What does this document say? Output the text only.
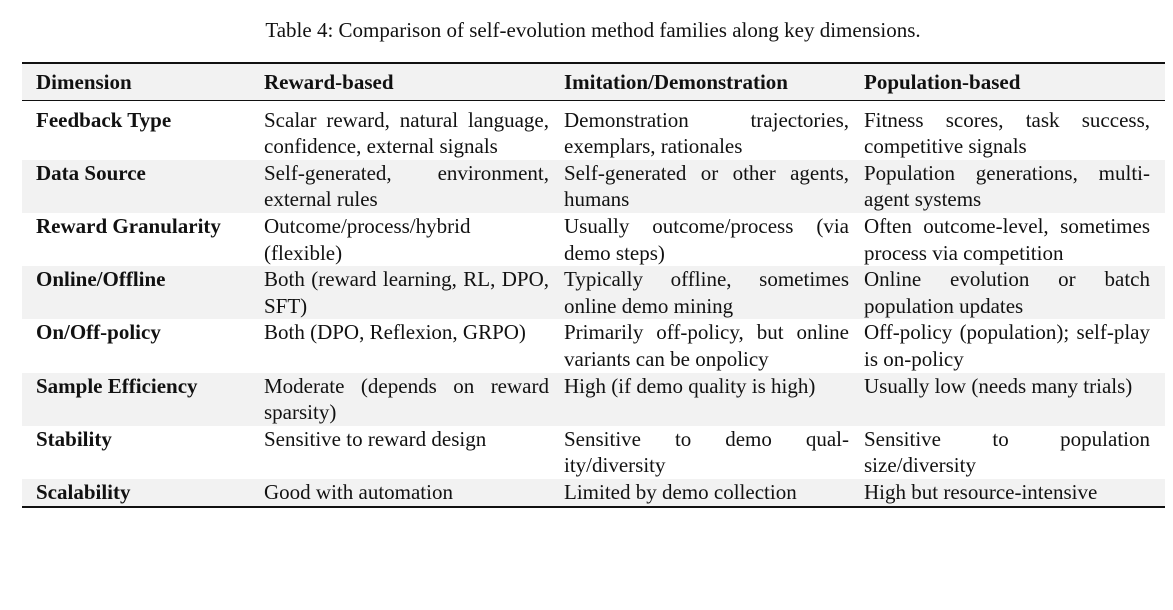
Table 4: Comparison of self-evolution method families along key dimensions.
Dimension	Reward-based	Imitation/Demonstration	Population-based
Feedback Type	Scalar reward, natural language, confidence, external signals	Demonstration trajectories, exemplars, rationales	Fitness scores, task success, competitive signals
Data Source	Self-generated, environment, external rules	Self-generated or other agents, humans	Population generations, multi-agent systems
Reward Granularity	Outcome/process/hybrid (flexible)	Usually outcome/process (via demo steps)	Often outcome-level, sometimes process via competition
Online/Offline	Both (reward learning, RL, DPO, SFT)	Typically offline, sometimes online demo mining	Online evolution or batch population updates
On/Off-policy	Both (DPO, Reflexion, GRPO)	Primarily off-policy, but online variants can be onpolicy	Off-policy (population); self-play is on-policy
Sample Efficiency	Moderate (depends on reward sparsity)	High (if demo quality is high)	Usually low (needs many trials)
Stability	Sensitive to reward design	Sensitive to demo quality/diversity	Sensitive to population size/diversity
Scalability	Good with automation	Limited by demo collection	High but resource-intensive
